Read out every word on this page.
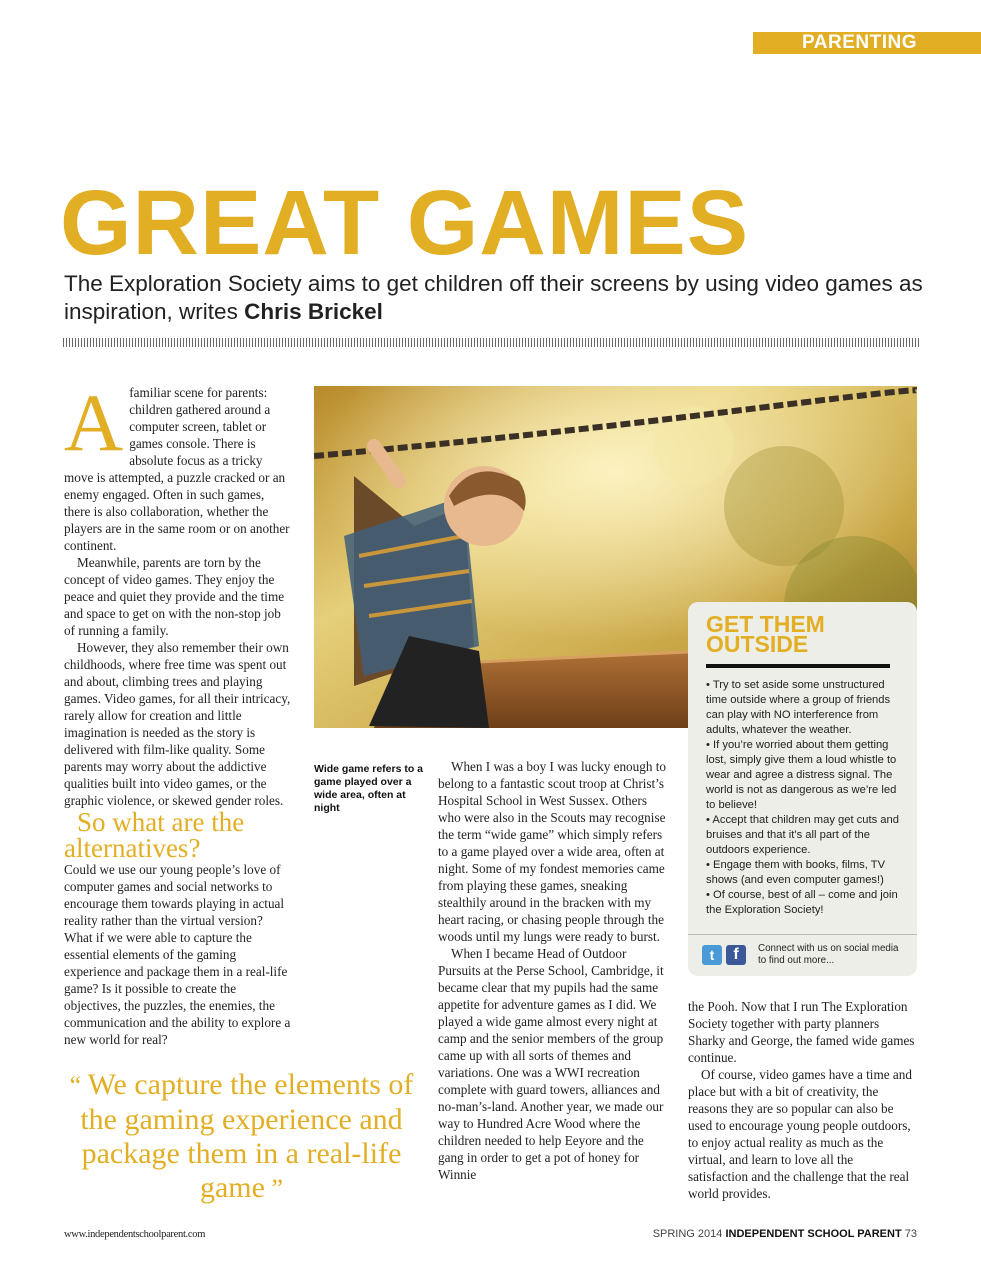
PARENTING
GREAT GAMES
The Exploration Society aims to get children off their screens by using video games as inspiration, writes Chris Brickel

Afamiliar scene for parents: children gathered around a computer screen, tablet or games console. There is absolute focus as a tricky move is attempted, a puzzle cracked or an enemy engaged. Often in such games, there is also collaboration, whether the players are in the same room or on another continent.

Meanwhile, parents are torn by the concept of video games. They enjoy the peace and quiet they provide and the time and space to get on with the non-stop job of running a family.

However, they also remember their own childhoods, where free time was spent out and about, climbing trees and playing games. Video games, for all their intricacy, rarely allow for creation and little imagination is needed as the story is delivered with film-like quality. Some parents may worry about the addictive qualities built into video games, or the graphic violence, or skewed gender roles.

So what are the alternatives?

Could we use our young people’s love of computer games and social networks to encourage them towards playing in actual reality rather than the virtual version? What if we were able to capture the essential elements of the gaming experience and package them in a real-life game? Is it possible to create the objectives, the puzzles, the enemies, the communication and the ability to explore a new world for real?

Wide game refers to a game played over a wide area, often at night
“ We capture the elements of the gaming experience and package them in a real-life game ”

When I was a boy I was lucky enough to belong to a fantastic scout troop at Christ’s Hospital School in West Sussex. Others who were also in the Scouts may recognise the term “wide game” which simply refers to a game played over a wide area, often at night. Some of my fondest memories came from playing these games, sneaking stealthily around in the bracken with my heart racing, or chasing people through the woods until my lungs were ready to burst.

When I became Head of Outdoor Pursuits at the Perse School, Cambridge, it became clear that my pupils had the same appetite for adventure games as I did. We played a wide game almost every night at camp and the senior members of the group came up with all sorts of themes and variations. One was a WWI recreation complete with guard towers, alliances and no-man’s-land. Another year, we made our way to Hundred Acre Wood where the children needed to help Eeyore and the gang in order to get a pot of honey for Winnie

the Pooh. Now that I run The Exploration Society together with party planners Sharky and George, the famed wide games continue.

Of course, video games have a time and place but with a bit of creativity, the reasons they are so popular can also be used to encourage young people outdoors, to enjoy actual reality as much as the virtual, and learn to love all the satisfaction and the challenge that the real world provides.

GET THEM
OUTSIDE
• Try to set aside some unstructured time outside where a group of friends can play with NO interference from adults, whatever the weather.
• If you’re worried about them getting lost, simply give them a loud whistle to wear and agree a distress signal. The world is not as dangerous as we’re led to believe!
• Accept that children may get cuts and bruises and that it’s all part of the outdoors experience.
• Engage them with books, films, TV shows (and even computer games!)
• Of course, best of all – come and join the Exploration Society!
t	f	Connect with us on social media to find out more...
www.independentschoolparent.com	SPRING 2014 INDEPENDENT SCHOOL PARENT 73
